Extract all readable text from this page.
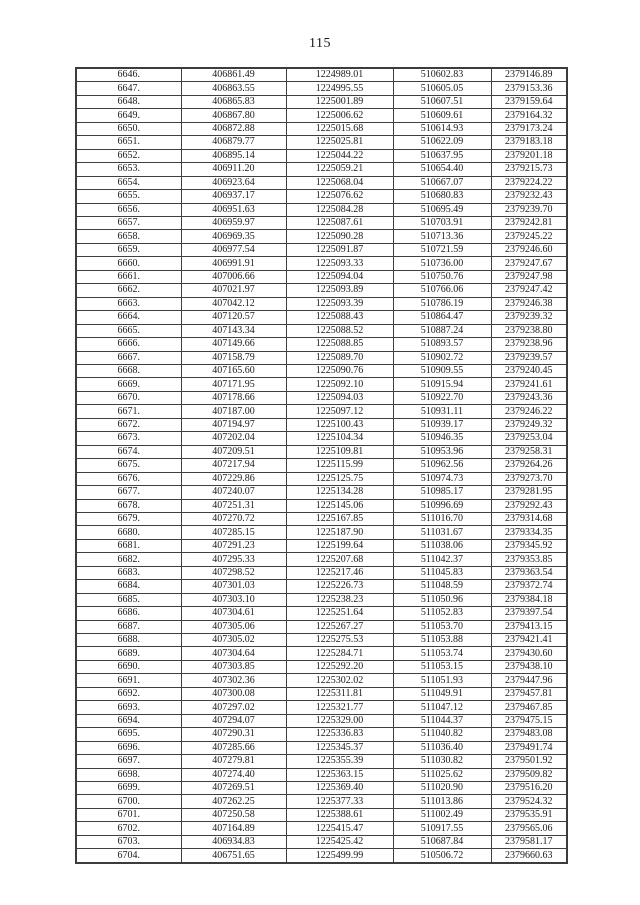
115
6646.	406861.49	1224989.01	510602.83	2379146.89
6647.	406863.55	1224995.55	510605.05	2379153.36
6648.	406865.83	1225001.89	510607.51	2379159.64
6649.	406867.80	1225006.62	510609.61	2379164.32
6650.	406872.88	1225015.68	510614.93	2379173.24
6651.	406879.77	1225025.81	510622.09	2379183.18
6652.	406895.14	1225044.22	510637.95	2379201.18
6653.	406911.20	1225059.21	510654.40	2379215.73
6654.	406923.64	1225068.04	510667.07	2379224.22
6655.	406937.17	1225076.62	510680.83	2379232.43
6656.	406951.63	1225084.28	510695.49	2379239.70
6657.	406959.97	1225087.61	510703.91	2379242.81
6658.	406969.35	1225090.28	510713.36	2379245.22
6659.	406977.54	1225091.87	510721.59	2379246.60
6660.	406991.91	1225093.33	510736.00	2379247.67
6661.	407006.66	1225094.04	510750.76	2379247.98
6662.	407021.97	1225093.89	510766.06	2379247.42
6663.	407042.12	1225093.39	510786.19	2379246.38
6664.	407120.57	1225088.43	510864.47	2379239.32
6665.	407143.34	1225088.52	510887.24	2379238.80
6666.	407149.66	1225088.85	510893.57	2379238.96
6667.	407158.79	1225089.70	510902.72	2379239.57
6668.	407165.60	1225090.76	510909.55	2379240.45
6669.	407171.95	1225092.10	510915.94	2379241.61
6670.	407178.66	1225094.03	510922.70	2379243.36
6671.	407187.00	1225097.12	510931.11	2379246.22
6672.	407194.97	1225100.43	510939.17	2379249.32
6673.	407202.04	1225104.34	510946.35	2379253.04
6674.	407209.51	1225109.81	510953.96	2379258.31
6675.	407217.94	1225115.99	510962.56	2379264.26
6676.	407229.86	1225125.75	510974.73	2379273.70
6677.	407240.07	1225134.28	510985.17	2379281.95
6678.	407251.31	1225145.06	510996.69	2379292.43
6679.	407270.72	1225167.85	511016.70	2379314.68
6680.	407285.15	1225187.90	511031.67	2379334.35
6681.	407291.23	1225199.64	511038.06	2379345.92
6682.	407295.33	1225207.68	511042.37	2379353.85
6683.	407298.52	1225217.46	511045.83	2379363.54
6684.	407301.03	1225226.73	511048.59	2379372.74
6685.	407303.10	1225238.23	511050.96	2379384.18
6686.	407304.61	1225251.64	511052.83	2379397.54
6687.	407305.06	1225267.27	511053.70	2379413.15
6688.	407305.02	1225275.53	511053.88	2379421.41
6689.	407304.64	1225284.71	511053.74	2379430.60
6690.	407303.85	1225292.20	511053.15	2379438.10
6691.	407302.36	1225302.02	511051.93	2379447.96
6692.	407300.08	1225311.81	511049.91	2379457.81
6693.	407297.02	1225321.77	511047.12	2379467.85
6694.	407294.07	1225329.00	511044.37	2379475.15
6695.	407290.31	1225336.83	511040.82	2379483.08
6696.	407285.66	1225345.37	511036.40	2379491.74
6697.	407279.81	1225355.39	511030.82	2379501.92
6698.	407274.40	1225363.15	511025.62	2379509.82
6699.	407269.51	1225369.40	511020.90	2379516.20
6700.	407262.25	1225377.33	511013.86	2379524.32
6701.	407250.58	1225388.61	511002.49	2379535.91
6702.	407164.89	1225415.47	510917.55	2379565.06
6703.	406934.83	1225425.42	510687.84	2379581.17
6704.	406751.65	1225499.99	510506.72	2379660.63
